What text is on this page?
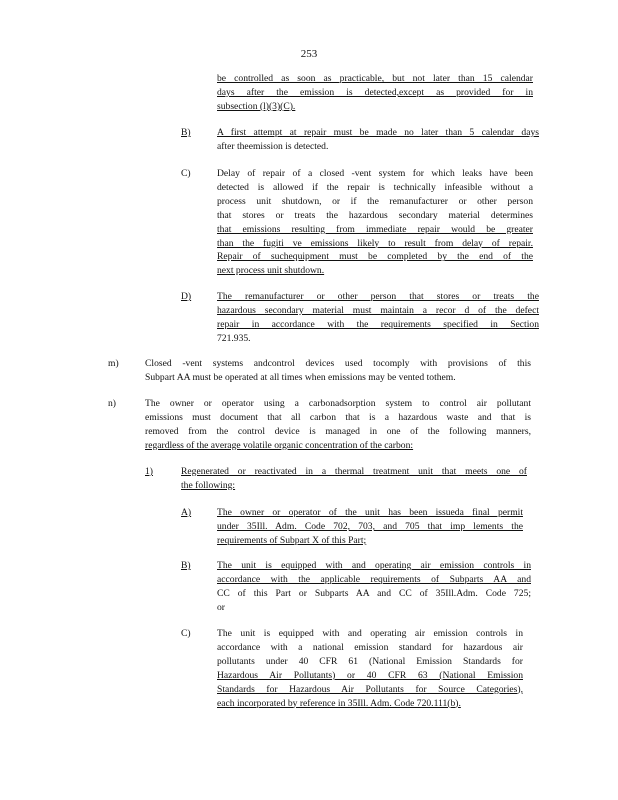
253
be controlled as soon as practicable, but not later than 15 calendar
days after the emission is detected,except as provided for in
subsection (l)(3)(C).
B)	A first attempt at repair must be made no later than 5 calendar days
after theemission is detected.
C)	Delay of repair of a closed -vent system for which leaks have been
detected is allowed if the repair is technically infeasible without a
process unit shutdown, or if the remanufacturer or other person
that stores or treats the hazardous secondary material determines
that emissions resulting from immediate repair would be greater
than the fugiti ve emissions likely to result from delay of repair.
Repair of suchequipment must be completed by the end of the
next process unit shutdown.
D)	The remanufacturer or other person that stores or treats the
hazardous secondary material must maintain a recor d of the defect
repair in accordance with the requirements specified in Section
721.935.
m)	Closed -vent systems andcontrol devices used tocomply with provisions of this
Subpart AA must be operated at all times when emissions may be vented tothem.
n)	The owner or operator using a carbonadsorption system to control air pollutant
emissions must document that all carbon that is a hazardous waste and that is
removed from the control device is managed in one of the following manners,
regardless of the average volatile organic concentration of the carbon:
1)	Regenerated or reactivated in a thermal treatment unit that meets one of
the following:
A)	The owner or operator of the unit has been issueda final permit
under 35Ill. Adm. Code 702, 703, and 705 that imp lements the
requirements of Subpart X of this Part;
B)	The unit is equipped with and operating air emission controls in
accordance with the applicable requirements of Subparts AA and
CC of this Part or Subparts AA and CC of 35Ill.Adm. Code 725;
or
C)	The unit is equipped with and operating air emission controls in
accordance with a national emission standard for hazardous air
pollutants under 40 CFR 61 (National Emission Standards for
Hazardous Air Pollutants) or 40 CFR 63 (National Emission
Standards for Hazardous Air Pollutants for Source Categories),
each incorporated by reference in 35Ill. Adm. Code 720.111(b).
